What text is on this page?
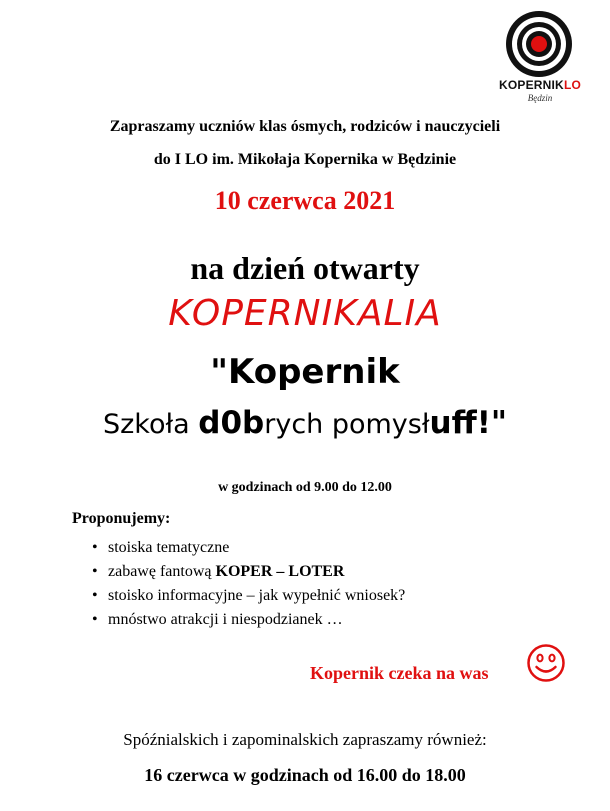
KOPERNIKLO
Będzin
Zapraszamy uczniów klas ósmych, rodziców i nauczycieli
do I LO im. Mikołaja Kopernika w Będzinie
10 czerwca 2021
na dzień otwarty
KOPERNIKALIA
"Kopernik
Szkoła d0brych pomysłuff!"
w godzinach od 9.00 do 12.00
Proponujemy:
• stoiska tematyczne
• zabawę fantową KOPER – LOTER
• stoisko informacyjne – jak wypełnić wniosek?
• mnóstwo atrakcji i niespodzianek …
Kopernik czeka na was
Spóźnialskich i zapominalskich zapraszamy również:
16 czerwca w godzinach od 16.00 do 18.00
